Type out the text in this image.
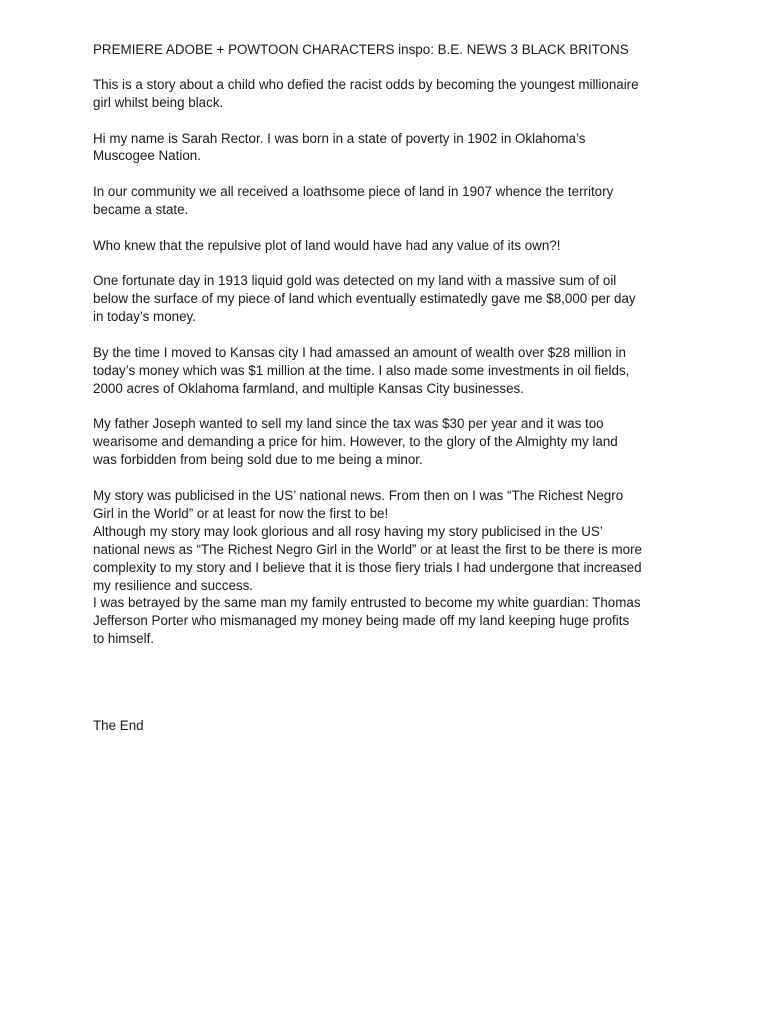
PREMIERE ADOBE + POWTOON CHARACTERS inspo: B.E. NEWS 3 BLACK BRITONS

This is a story about a child who defied the racist odds by becoming the youngest millionaire
girl whilst being black.

Hi my name is Sarah Rector. I was born in a state of poverty in 1902 in Oklahoma’s
Muscogee Nation.

In our community we all received a loathsome piece of land in 1907 whence the territory
became a state.

Who knew that the repulsive plot of land would have had any value of its own?!

One fortunate day in 1913 liquid gold was detected on my land with a massive sum of oil
below the surface of my piece of land which eventually estimatedly gave me $8,000 per day
in today’s money.

By the time I moved to Kansas city I had amassed an amount of wealth over $28 million in
today’s money which was $1 million at the time. I also made some investments in oil fields,
2000 acres of Oklahoma farmland, and multiple Kansas City businesses.

My father Joseph wanted to sell my land since the tax was $30 per year and it was too
wearisome and demanding a price for him. However, to the glory of the Almighty my land
was forbidden from being sold due to me being a minor.

My story was publicised in the US’ national news. From then on I was “The Richest Negro
Girl in the World” or at least for now the first to be!
Although my story may look glorious and all rosy having my story publicised in the US’
national news as “The Richest Negro Girl in the World” or at least the first to be there is more
complexity to my story and I believe that it is those fiery trials I had undergone that increased
my resilience and success.
I was betrayed by the same man my family entrusted to become my white guardian: Thomas
Jefferson Porter who mismanaged my money being made off my land keeping huge profits
to himself.

The End
